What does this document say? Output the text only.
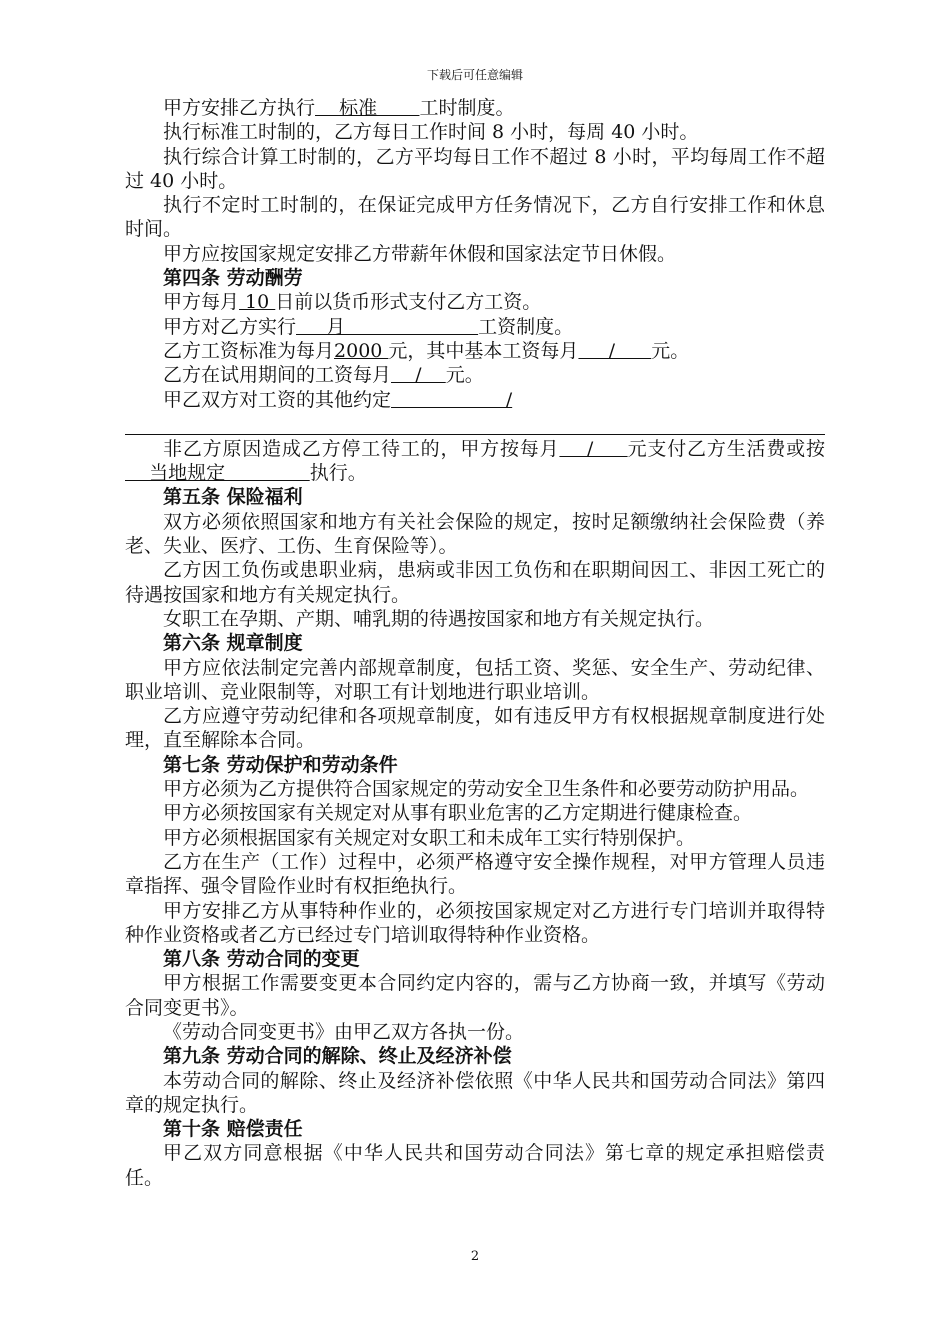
下载后可任意编辑

甲方安排乙方执行    标准       工时制度。

执行标准工时制的，乙方每日工作时间 8 小时，每周 40 小时。

执行综合计算工时制的，乙方平均每日工作不超过 8 小时，平均每周工作不超过 40 小时。

执行不定时工时制的，在保证完成甲方任务情况下，乙方自行安排工作和休息时间。

甲方应按国家规定安排乙方带薪年休假和国家法定节日休假。

第四条 劳动酬劳

甲方每月 10 日前以货币形式支付乙方工资。

甲方对乙方实行     月                      工资制度。

乙方工资标准为每月2000 元，其中基本工资每月     /      元。

乙方在试用期间的工资每月    /    元。

甲乙双方对工资的其他约定                   /

非乙方原因造成乙方停工待工的，甲方按每月    /     元支付乙方生活费或按    当地规定              执行。

第五条 保险福利

双方必须依照国家和地方有关社会保险的规定，按时足额缴纳社会保险费（养老、失业、医疗、工伤、生育保险等）。

乙方因工负伤或患职业病，患病或非因工负伤和在职期间因工、非因工死亡的待遇按国家和地方有关规定执行。

女职工在孕期、产期、哺乳期的待遇按国家和地方有关规定执行。

第六条 规章制度

甲方应依法制定完善内部规章制度，包括工资、奖惩、安全生产、劳动纪律、职业培训、竞业限制等，对职工有计划地进行职业培训。

乙方应遵守劳动纪律和各项规章制度，如有违反甲方有权根据规章制度进行处理，直至解除本合同。

第七条 劳动保护和劳动条件

甲方必须为乙方提供符合国家规定的劳动安全卫生条件和必要劳动防护用品。

甲方必须按国家有关规定对从事有职业危害的乙方定期进行健康检查。

甲方必须根据国家有关规定对女职工和未成年工实行特别保护。

乙方在生产（工作）过程中，必须严格遵守安全操作规程，对甲方管理人员违章指挥、强令冒险作业时有权拒绝执行。

甲方安排乙方从事特种作业的，必须按国家规定对乙方进行专门培训并取得特种作业资格或者乙方已经过专门培训取得特种作业资格。

第八条 劳动合同的变更

甲方根据工作需要变更本合同约定内容的，需与乙方协商一致，并填写《劳动合同变更书》。

《劳动合同变更书》由甲乙双方各执一份。

第九条 劳动合同的解除、终止及经济补偿

本劳动合同的解除、终止及经济补偿依照《中华人民共和国劳动合同法》第四章的规定执行。

第十条 赔偿责任

甲乙双方同意根据《中华人民共和国劳动合同法》第七章的规定承担赔偿责任。

2
